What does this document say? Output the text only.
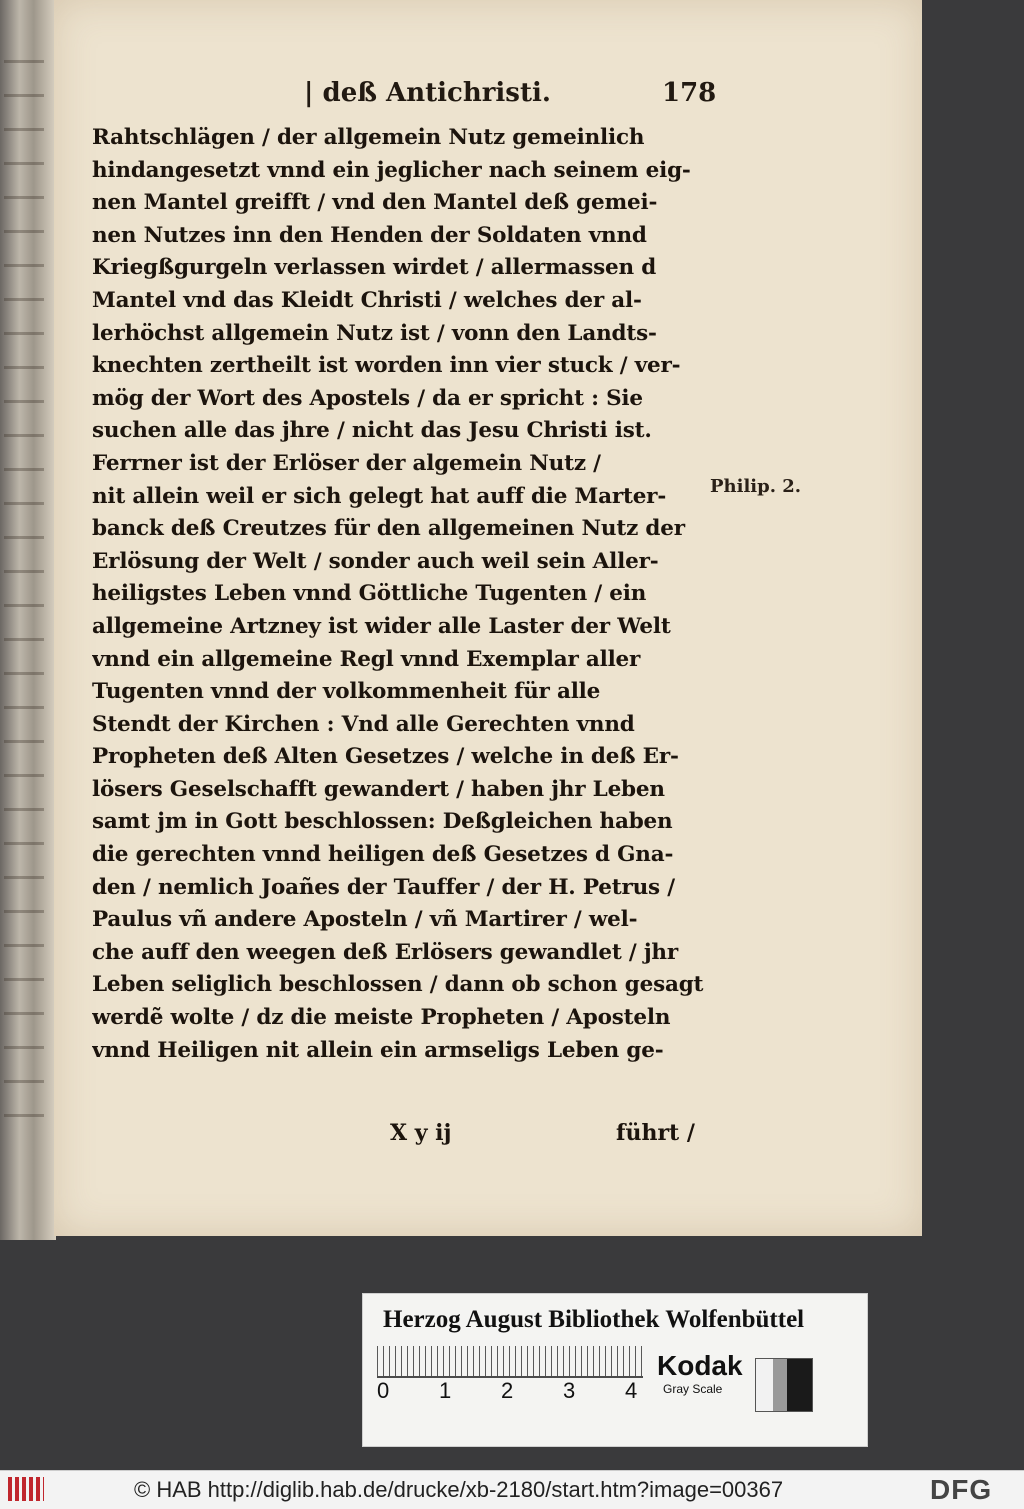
| deß Antichristi.	178
Rahtschlägen / der allgemein Nutz gemeinlich
hindangesetzt vnnd ein jeglicher nach seinem eig-
nen Mantel greifft / vnd den Mantel deß gemei-
nen Nutzes inn den Henden der Soldaten vnnd
Kriegßgurgeln verlassen wirdet / allermassen d
Mantel vnd das Kleidt Christi / welches der al-
lerhöchst allgemein Nutz ist / vonn den Landts-
knechten zertheilt ist worden inn vier stuck / ver-
mög der Wort des Apostels / da er spricht : Sie
suchen alle das jhre / nicht das Jesu Christi ist.
Ferrner ist der Erlöser der algemein Nutz /
nit allein weil er sich gelegt hat auff die Marter-
banck deß Creutzes für den allgemeinen Nutz der
Erlösung der Welt / sonder auch weil sein Aller-
heiligstes Leben vnnd Göttliche Tugenten / ein
allgemeine Artzney ist wider alle Laster der Welt
vnnd ein allgemeine Regl vnnd Exemplar aller
Tugenten vnnd der volkommenheit für alle
Stendt der Kirchen : Vnd alle Gerechten vnnd
Propheten deß Alten Gesetzes / welche in deß Er-
lösers Geselschafft gewandert / haben jhr Leben
samt jm in Gott beschlossen: Deßgleichen haben
die gerechten vnnd heiligen deß Gesetzes d Gna-
den / nemlich Joañes der Tauffer / der H. Petrus /
Paulus vñ andere Aposteln / vñ Martirer / wel-
che auff den weegen deß Erlösers gewandlet / jhr
Leben seliglich beschlossen / dann ob schon gesagt
werdẽ wolte / dz die meiste Propheten / Aposteln
vnnd Heiligen nit allein ein armseligs Leben ge-
Philip. 2.
X y ij	führt /
Herzog August Bibliothek Wolfenbüttel
0 1 2 3 4
Kodak
Gray Scale
© HAB http://diglib.hab.de/drucke/xb-2180/start.htm?image=00367	DFG
